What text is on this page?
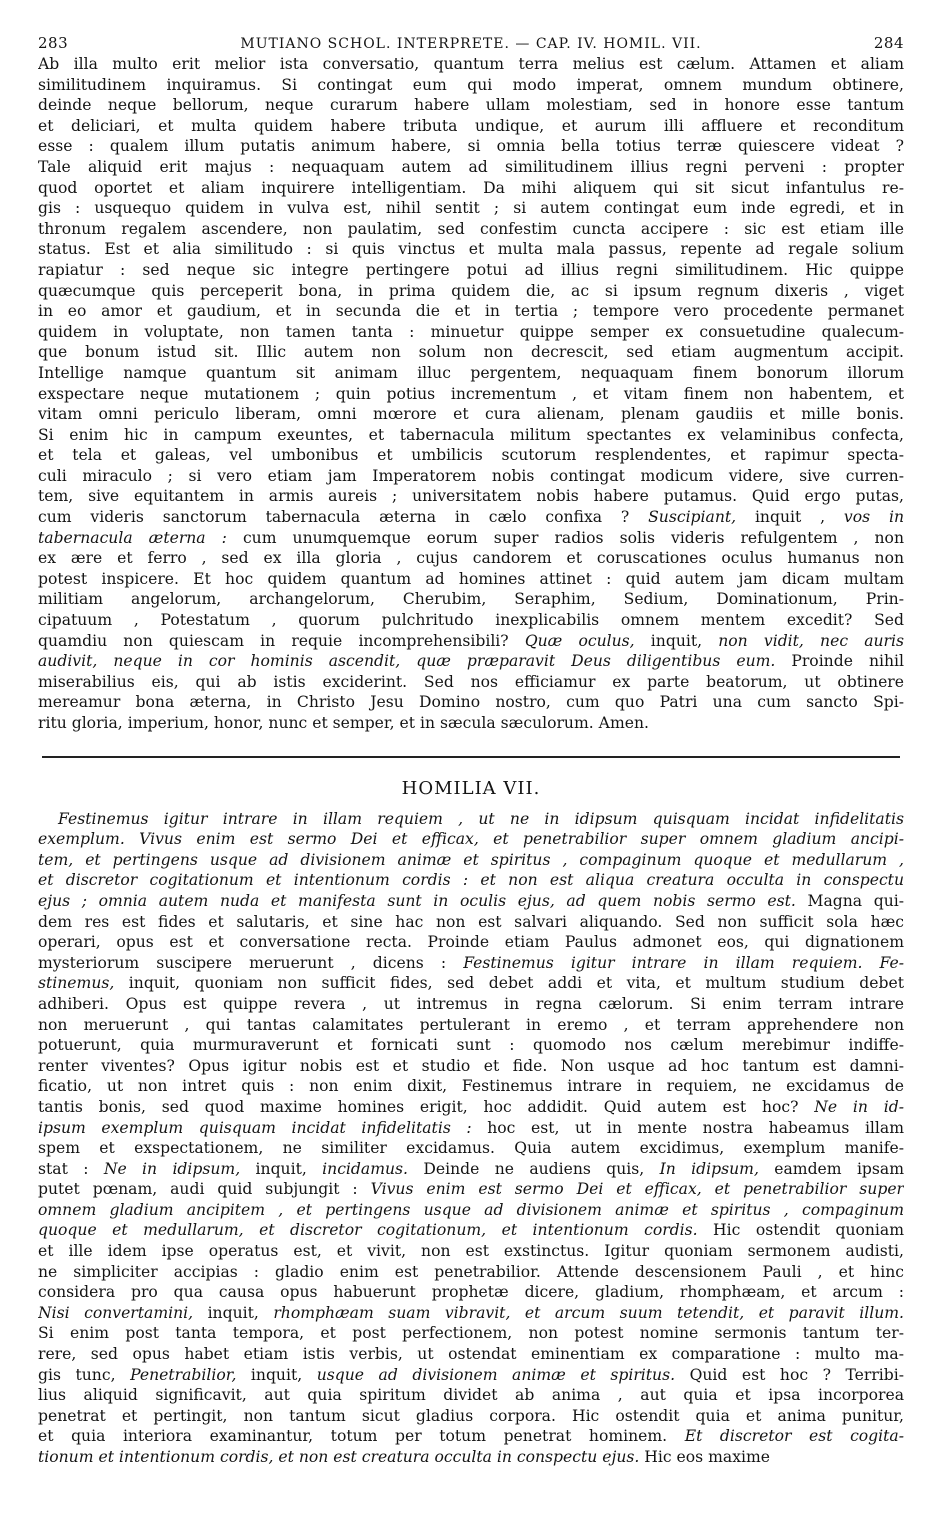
283	MUTIANO SCHOL. INTERPRETE. — CAP. IV. HOMIL. VII.	284
Ab illa multo erit melior ista conversatio, quantum terra melius est cælum. Attamen et aliam
similitudinem inquiramus. Si contingat eum qui modo imperat, omnem mundum obtinere,
deinde neque bellorum, neque curarum habere ullam molestiam, sed in honore esse tantum
et deliciari, et multa quidem habere tributa undique, et aurum illi affluere et reconditum
esse : qualem illum putatis animum habere, si omnia bella totius terræ quiescere videat ?
Tale aliquid erit majus : nequaquam autem ad similitudinem illius regni perveni : propter
quod oportet et aliam inquirere intelligentiam. Da mihi aliquem qui sit sicut infantulus re-
gis : usquequo quidem in vulva est, nihil sentit ; si autem contingat eum inde egredi, et in
thronum regalem ascendere, non paulatim, sed confestim cuncta accipere : sic est etiam ille
status. Est et alia similitudo : si quis vinctus et multa mala passus, repente ad regale solium
rapiatur : sed neque sic integre pertingere potui ad illius regni similitudinem. Hic quippe
quæcumque quis perceperit bona, in prima quidem die, ac si ipsum regnum dixeris , viget
in eo amor et gaudium, et in secunda die et in tertia ; tempore vero procedente permanet
quidem in voluptate, non tamen tanta : minuetur quippe semper ex consuetudine qualecum-
que bonum istud sit. Illic autem non solum non decrescit, sed etiam augmentum accipit.
Intellige namque quantum sit animam illuc pergentem, nequaquam finem bonorum illorum
exspectare neque mutationem ; quin potius incrementum , et vitam finem non habentem, et
vitam omni periculo liberam, omni mœrore et cura alienam, plenam gaudiis et mille bonis.
Si enim hic in campum exeuntes, et tabernacula militum spectantes ex velaminibus confecta,
et tela et galeas, vel umbonibus et umbilicis scutorum resplendentes, et rapimur specta-
culi miraculo ; si vero etiam jam Imperatorem nobis contingat modicum videre, sive curren-
tem, sive equitantem in armis aureis ; universitatem nobis habere putamus. Quid ergo putas,
cum videris sanctorum tabernacula æterna in cælo confixa ? Suscipiant, inquit , vos in
tabernacula æterna : cum unumquemque eorum super radios solis videris refulgentem , non
ex ære et ferro , sed ex illa gloria , cujus candorem et coruscationes oculus humanus non
potest inspicere. Et hoc quidem quantum ad homines attinet : quid autem jam dicam multam
militiam angelorum, archangelorum, Cherubim, Seraphim, Sedium, Dominationum, Prin-
cipatuum , Potestatum , quorum pulchritudo inexplicabilis omnem mentem excedit? Sed
quamdiu non quiescam in requie incomprehensibili? Quæ oculus, inquit, non vidit, nec auris
audivit, neque in cor hominis ascendit, quæ præparavit Deus diligentibus eum. Proinde nihil
miserabilius eis, qui ab istis exciderint. Sed nos efficiamur ex parte beatorum, ut obtinere
mereamur bona æterna, in Christo Jesu Domino nostro, cum quo Patri una cum sancto Spi-
ritu gloria, imperium, honor, nunc et semper, et in sæcula sæculorum. Amen.
HOMILIA VII.
Festinemus igitur intrare in illam requiem , ut ne in idipsum quisquam incidat infidelitatis
exemplum. Vivus enim est sermo Dei et efficax, et penetrabilior super omnem gladium ancipi-
tem, et pertingens usque ad divisionem animæ et spiritus , compaginum quoque et medullarum ,
et discretor cogitationum et intentionum cordis : et non est aliqua creatura occulta in conspectu
ejus ; omnia autem nuda et manifesta sunt in oculis ejus, ad quem nobis sermo est. Magna qui-
dem res est fides et salutaris, et sine hac non est salvari aliquando. Sed non sufficit sola hæc
operari, opus est et conversatione recta. Proinde etiam Paulus admonet eos, qui dignationem
mysteriorum suscipere meruerunt , dicens : Festinemus igitur intrare in illam requiem. Fe-
stinemus, inquit, quoniam non sufficit fides, sed debet addi et vita, et multum studium debet
adhiberi. Opus est quippe revera , ut intremus in regna cælorum. Si enim terram intrare
non meruerunt , qui tantas calamitates pertulerant in eremo , et terram apprehendere non
potuerunt, quia murmuraverunt et fornicati sunt : quomodo nos cælum merebimur indiffe-
renter viventes? Opus igitur nobis est et studio et fide. Non usque ad hoc tantum est damni-
ficatio, ut non intret quis : non enim dixit, Festinemus intrare in requiem, ne excidamus de
tantis bonis, sed quod maxime homines erigit, hoc addidit. Quid autem est hoc? Ne in id-
ipsum exemplum quisquam incidat infidelitatis : hoc est, ut in mente nostra habeamus illam
spem et exspectationem, ne similiter excidamus. Quia autem excidimus, exemplum manife-
stat : Ne in idipsum, inquit, incidamus. Deinde ne audiens quis, In idipsum, eamdem ipsam
putet pœnam, audi quid subjungit : Vivus enim est sermo Dei et efficax, et penetrabilior super
omnem gladium ancipitem , et pertingens usque ad divisionem animæ et spiritus , compaginum
quoque et medullarum, et discretor cogitationum, et intentionum cordis. Hic ostendit quoniam
et ille idem ipse operatus est, et vivit, non est exstinctus. Igitur quoniam sermonem audisti,
ne simpliciter accipias : gladio enim est penetrabilior. Attende descensionem Pauli , et hinc
considera pro qua causa opus habuerunt prophetæ dicere, gladium, rhomphæam, et arcum :
Nisi convertamini, inquit, rhomphæam suam vibravit, et arcum suum tetendit, et paravit illum.
Si enim post tanta tempora, et post perfectionem, non potest nomine sermonis tantum ter-
rere, sed opus habet etiam istis verbis, ut ostendat eminentiam ex comparatione : multo ma-
gis tunc, Penetrabilior, inquit, usque ad divisionem animæ et spiritus. Quid est hoc ? Terribi-
lius aliquid significavit, aut quia spiritum dividet ab anima , aut quia et ipsa incorporea
penetrat et pertingit, non tantum sicut gladius corpora. Hic ostendit quia et anima punitur,
et quia interiora examinantur, totum per totum penetrat hominem. Et discretor est cogita-
tionum et intentionum cordis, et non est creatura occulta in conspectu ejus. Hic eos maxime
